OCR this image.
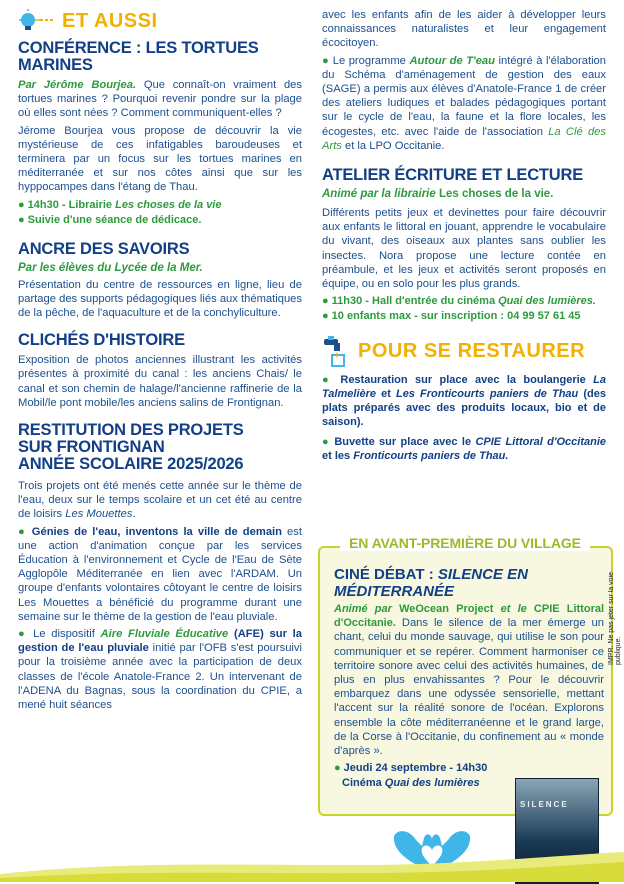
ET AUSSI
CONFÉRENCE : LES TORTUES MARINES

Par Jérôme Bourjea. Que connaît-on vraiment des tortues marines ? Pourquoi revenir pondre sur la plage où elles sont nées ? Comment communiquent-elles ?

Jérome Bourjea vous propose de découvrir la vie mystérieuse de ces infatigables baroudeuses et terminera par un focus sur les tortues marines en méditerranée et sur nos côtes ainsi que sur les hyppocampes dans l'étang de Thau.

● 14h30 - Librairie Les choses de la vie
● Suivie d'une séance de dédicace.
ANCRE DES SAVOIRS
Par les élèves du Lycée de la Mer.

Présentation du centre de ressources en ligne, lieu de partage des supports pédagogiques liés aux thématiques de la pêche, de l'aquaculture et de la conchyliculture.

CLICHÉS D'HISTOIRE

Exposition de photos anciennes illustrant les activités présentes à proximité du canal : les anciens Chais/ le canal et son chemin de halage/l'ancienne raffinerie de la Mobil/le pont mobile/les anciens salins de Frontignan.

RESTITUTION DES PROJETS
SUR FRONTIGNAN
ANNÉE SCOLAIRE 2025/2026

Trois projets ont été menés cette année sur le thème de l'eau, deux sur le temps scolaire et un cet été au centre de loisirs Les Mouettes.

● Génies de l'eau, inventons la ville de demain est une action d'animation conçue par les services Éducation à l'environnement et Cycle de l'Eau de Sète Agglopôle Méditerranée en lien avec l'ARDAM. Un groupe d'enfants volontaires côtoyant le centre de loisirs Les Mouettes a bénéficié du programme durant une semaine sur le thème de la gestion de l'eau pluviale.

● Le dispositif Aire Fluviale Éducative (AFE) sur la gestion de l'eau pluviale initié par l'OFB s'est poursuivi pour la troisième année avec la participation de deux classes de l'école Anatole-France 2. Un intervenant de l'ADENA du Bagnas, sous la coordination du CPIE, a mené huit séances

avec les enfants afin de les aider à développer leurs connaissances naturalistes et leur engagement écocitoyen.

● Le programme Autour de T'eau intégré à l'élaboration du Schéma d'aménagement de gestion des eaux (SAGE) a permis aux élèves d'Anatole-France 1 de créer des ateliers ludiques et balades pédagogiques portant sur le cycle de l'eau, la faune et la flore locales, les écogestes, etc. avec l'aide de l'association La Clé des Arts et la LPO Occitanie.

ATELIER ÉCRITURE ET LECTURE
Animé par la librairie Les choses de la vie.

Différents petits jeux et devinettes pour faire découvrir aux enfants le littoral en jouant, apprendre le vocabulaire du vivant, des oiseaux aux plantes sans oublier les insectes. Nora propose une lecture contée en préambule, et les jeux et activités seront proposés en équipe, ou en solo pour les plus grands.

● 11h30 - Hall d'entrée du cinéma Quai des lumières.
● 10 enfants max - sur inscription : 04 99 57 61 45
POUR SE RESTAURER

● Restauration sur place avec la boulangerie La Talmelière et Les Fronticourts paniers de Thau (des plats préparés avec des produits locaux, bio et de saison).

● Buvette sur place avec le CPIE Littoral d'Occitanie et les Fronticourts paniers de Thau.

EN AVANT-PREMIÈRE DU VILLAGE
CINÉ DÉBAT : SILENCE EN MÉDITERRANÉE

Animé par WeOcean Project et le CPIE Littoral d'Occitanie. Dans le silence de la mer émerge un chant, celui du monde sauvage, qui utilise le son pour communiquer et se repérer. Comment harmoniser ce territoire sonore avec celui des activités humaines, de plus en plus envahissantes ? Pour le découvrir embarquez dans une odyssée sensorielle, mettant l'accent sur la réalité sonore de l'océan. Explorons ensemble la côte méditerranéenne et le grand large, de la Corse à l'Occitanie, du confinement au « monde d'après ».

● Jeudi 24 septembre - 14h30
Cinéma Quai des lumières
SILENCE
IMPR. Ne pas jeter sur la voie publique.
